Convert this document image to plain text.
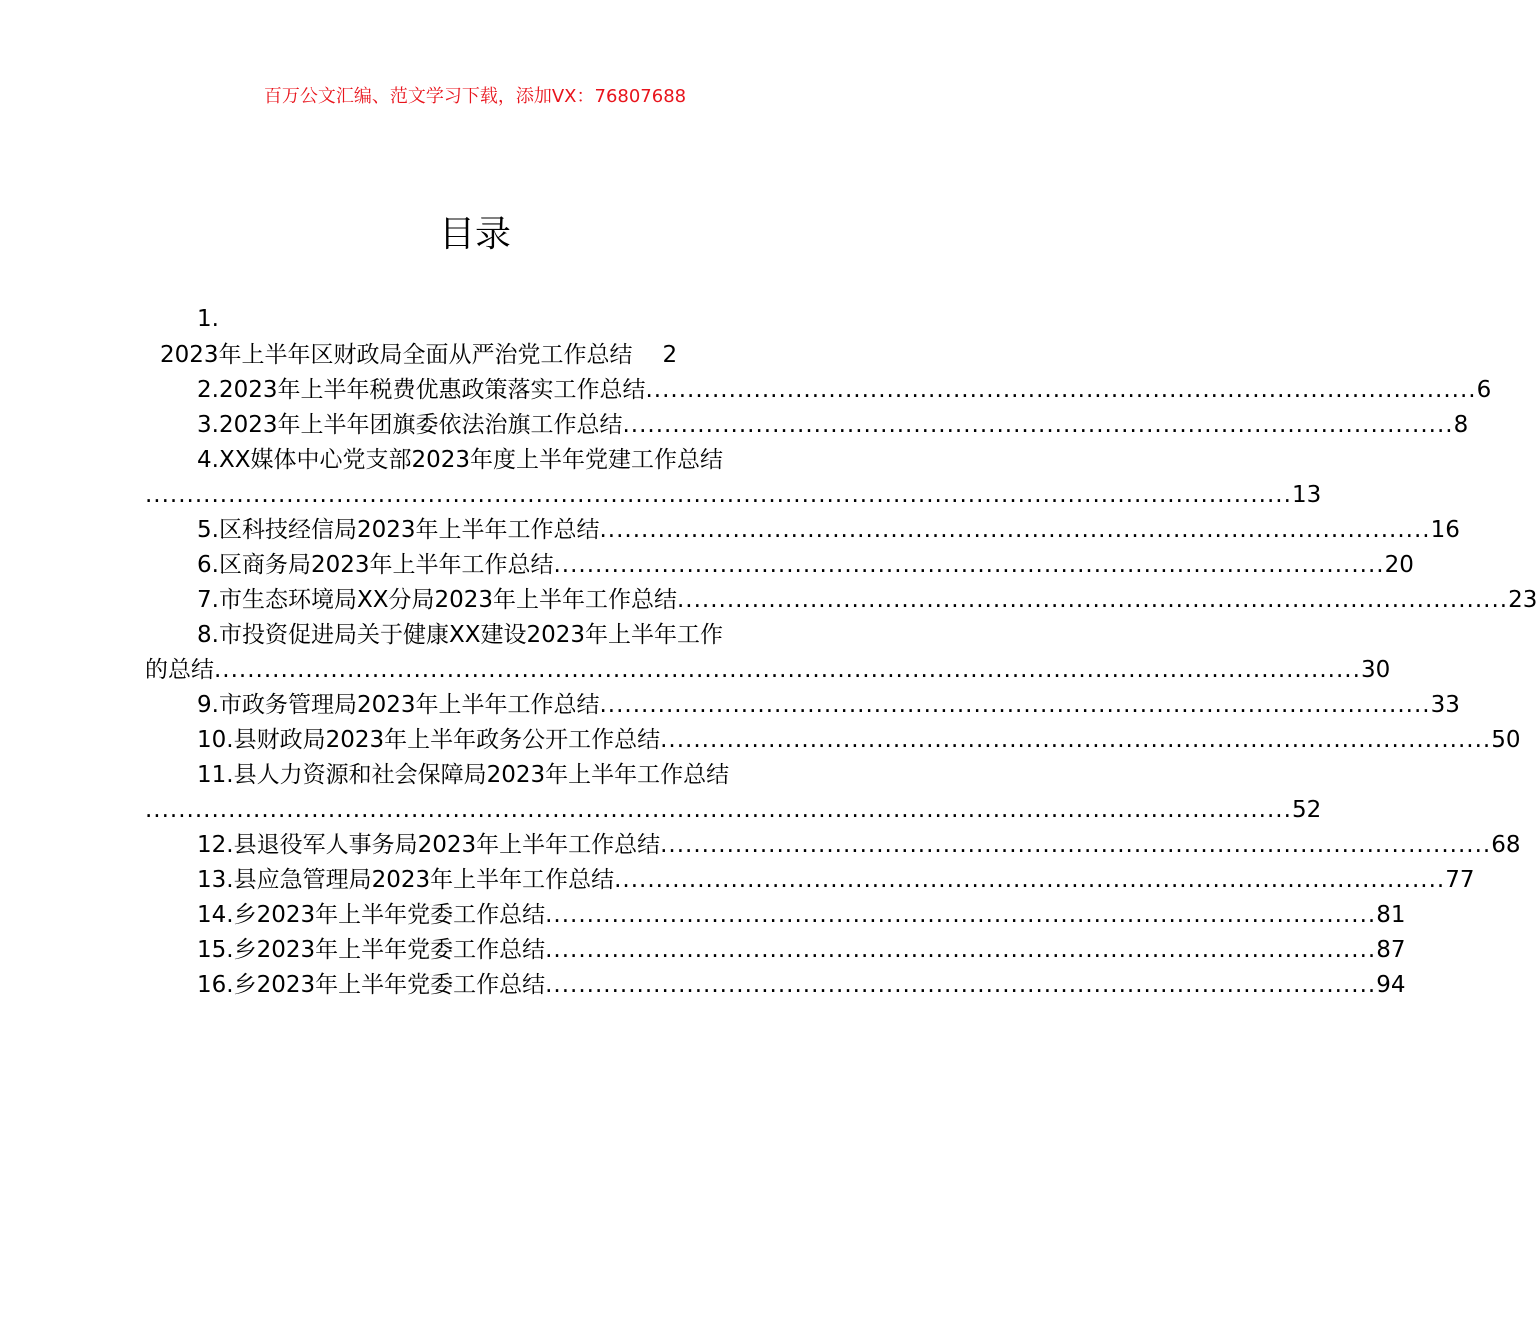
百万公文汇编、范文学习下载，添加VX：76807688
目录
1.
2023年上半年区财政局全面从严治党工作总结 2
2.2023年上半年税费优惠政策落实工作总结 .................................................................................................... 6
3.2023年上半年团旗委依法治旗工作总结 .................................................................................................... 8
4.XX媒体中心党支部2023年度上半年党建工作总结
.......................................................................................................................................... 13
5.区科技经信局2023年上半年工作总结 .................................................................................................... 16
6.区商务局2023年上半年工作总结 .................................................................................................... 20
7.市生态环境局XX分局2023年上半年工作总结 .................................................................................................... 23
8.市投资促进局关于健康XX建设2023年上半年工作
的总结 .......................................................................................................................................... 30
9.市政务管理局2023年上半年工作总结 .................................................................................................... 33
10.县财政局2023年上半年政务公开工作总结 .................................................................................................... 50
11.县人力资源和社会保障局2023年上半年工作总结
.......................................................................................................................................... 52
12.县退役军人事务局2023年上半年工作总结 .................................................................................................... 68
13.县应急管理局2023年上半年工作总结 .................................................................................................... 77
14.乡2023年上半年党委工作总结 .................................................................................................... 81
15.乡2023年上半年党委工作总结 .................................................................................................... 87
16.乡2023年上半年党委工作总结 .................................................................................................... 94
